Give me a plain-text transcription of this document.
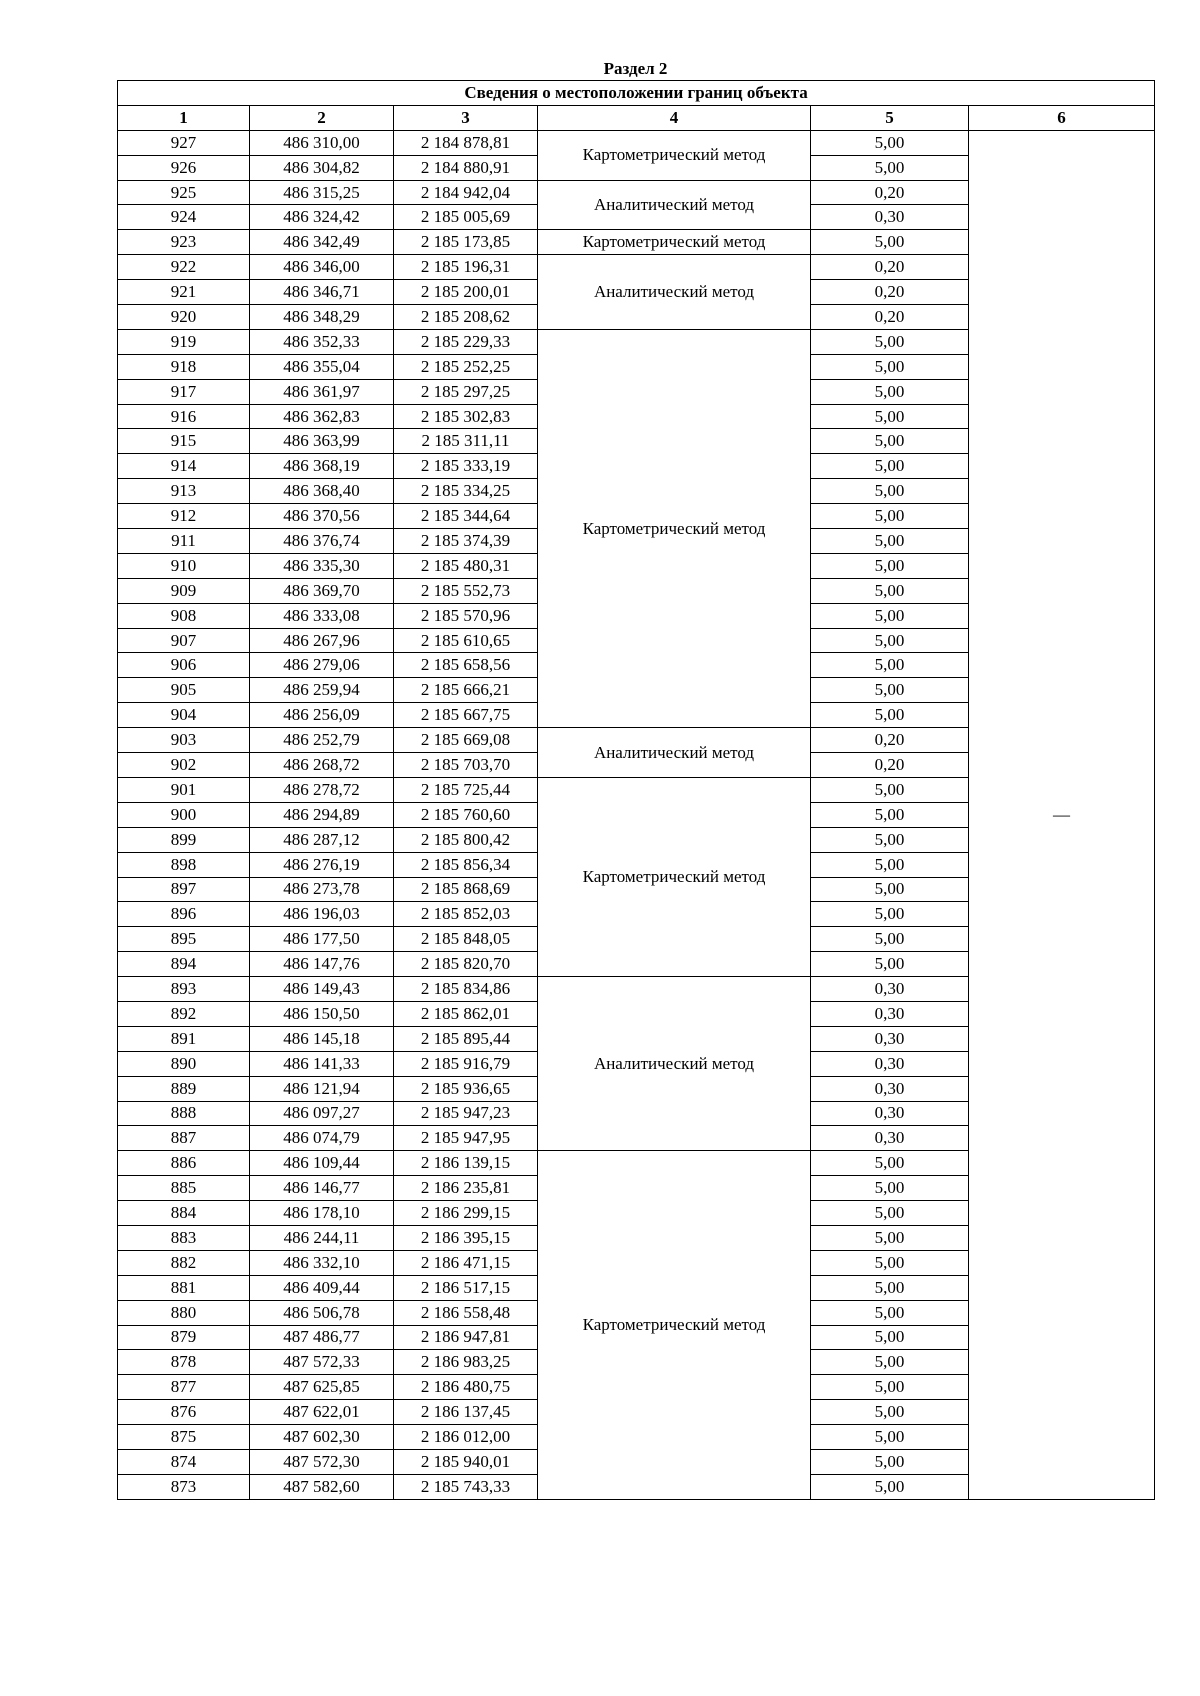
Раздел 2
Сведения о местоположении границ объекта					
1	2	3	4	5	6
927	486 310,00	2 184 878,81	Картометрический метод	5,00	—
926	486 304,82	2 184 880,91		5,00	
925	486 315,25	2 184 942,04	Аналитический метод	0,20	
924	486 324,42	2 185 005,69		0,30	
923	486 342,49	2 185 173,85	Картометрический метод	5,00	
922	486 346,00	2 185 196,31	Аналитический метод	0,20	
921	486 346,71	2 185 200,01		0,20	
920	486 348,29	2 185 208,62		0,20	
919	486 352,33	2 185 229,33	Картометрический метод	5,00	
918	486 355,04	2 185 252,25		5,00	
917	486 361,97	2 185 297,25		5,00	
916	486 362,83	2 185 302,83		5,00	
915	486 363,99	2 185 311,11		5,00	
914	486 368,19	2 185 333,19		5,00	
913	486 368,40	2 185 334,25		5,00	
912	486 370,56	2 185 344,64		5,00	
911	486 376,74	2 185 374,39		5,00	
910	486 335,30	2 185 480,31		5,00	
909	486 369,70	2 185 552,73		5,00	
908	486 333,08	2 185 570,96		5,00	
907	486 267,96	2 185 610,65		5,00	
906	486 279,06	2 185 658,56		5,00	
905	486 259,94	2 185 666,21		5,00	
904	486 256,09	2 185 667,75		5,00	
903	486 252,79	2 185 669,08	Аналитический метод	0,20	
902	486 268,72	2 185 703,70		0,20	
901	486 278,72	2 185 725,44	Картометрический метод	5,00	
900	486 294,89	2 185 760,60		5,00	
899	486 287,12	2 185 800,42		5,00	
898	486 276,19	2 185 856,34		5,00	
897	486 273,78	2 185 868,69		5,00	
896	486 196,03	2 185 852,03		5,00	
895	486 177,50	2 185 848,05		5,00	
894	486 147,76	2 185 820,70		5,00	
893	486 149,43	2 185 834,86	Аналитический метод	0,30	
892	486 150,50	2 185 862,01		0,30	
891	486 145,18	2 185 895,44		0,30	
890	486 141,33	2 185 916,79		0,30	
889	486 121,94	2 185 936,65		0,30	
888	486 097,27	2 185 947,23		0,30	
887	486 074,79	2 185 947,95		0,30	
886	486 109,44	2 186 139,15	Картометрический метод	5,00	
885	486 146,77	2 186 235,81		5,00	
884	486 178,10	2 186 299,15		5,00	
883	486 244,11	2 186 395,15		5,00	
882	486 332,10	2 186 471,15		5,00	
881	486 409,44	2 186 517,15		5,00	
880	486 506,78	2 186 558,48		5,00	
879	487 486,77	2 186 947,81		5,00	
878	487 572,33	2 186 983,25		5,00	
877	487 625,85	2 186 480,75		5,00	
876	487 622,01	2 186 137,45		5,00	
875	487 602,30	2 186 012,00		5,00	
874	487 572,30	2 185 940,01		5,00	
873	487 582,60	2 185 743,33		5,00	
